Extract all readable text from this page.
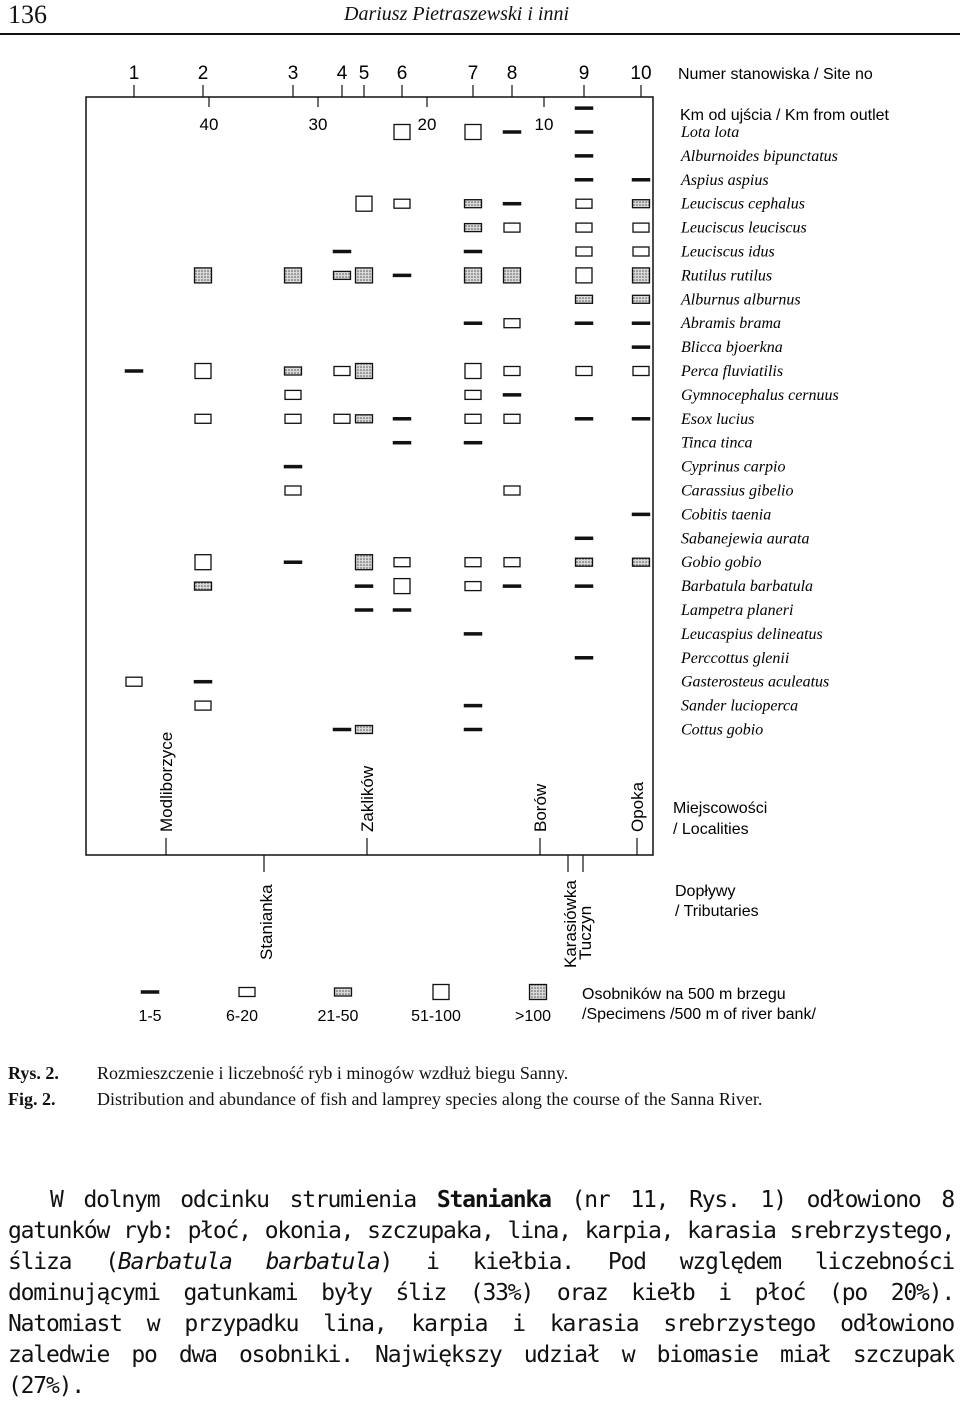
136	Dariusz Pietraszewski i inni
1	2	3 4 5 6	7 8	9 10 Numer stanowiska / Site no
40	30	20	10	Km od ujścia / Km from outlet
Lota lota
Alburnoides bipunctatus
Aspius aspius
Leuciscus cephalus
Leuciscus leuciscus
Leuciscus idus
Rutilus rutilus
Alburnus alburnus
Abramis brama
Blicca bjoerkna
Perca fluviatilis
Gymnocephalus cernuus
Esox lucius
Tinca tinca
Cyprinus carpio
Carassius gibelio
Cobitis taenia
Sabanejewia aurata
Gobio gobio
Barbatula barbatula
Lampetra planeri
Leucaspius delineatus
Perccottus glenii
Gasterosteus aculeatus
Sander lucioperca
Cottus gobio
Modliborzyce	Zaklików	Borów	Opoka Miejscowości
/ Localities
Stanianka	Karasiówka
Tuczyn
Dopływy
/ Tributaries
1-5	6-20	21-50	51-100	>100
Osobników na 500 m brzegu
/Specimens /500 m of river bank/
Rys. 2. Rozmieszczenie i liczebność ryb i minogów wzdłuż biegu Sanny.
Fig. 2. Distribution and abundance of fish and lamprey species along the course of the Sanna River.
W dolnym odcinku strumienia Stanianka (nr 11, Rys. 1) odłowiono 8 gatunków ryb: płoć, okonia, szczupaka, lina, karpia, karasia srebrzystego, śliza (Barbatula barbatula) i kiełbia. Pod względem liczebności dominującymi gatunkami były śliz (33%) oraz kiełb i płoć (po 20%). Natomiast w przypadku lina, karpia i karasia srebrzystego odłowiono zaledwie po dwa osobniki. Największy udział w biomasie miał szczupak (27%).
